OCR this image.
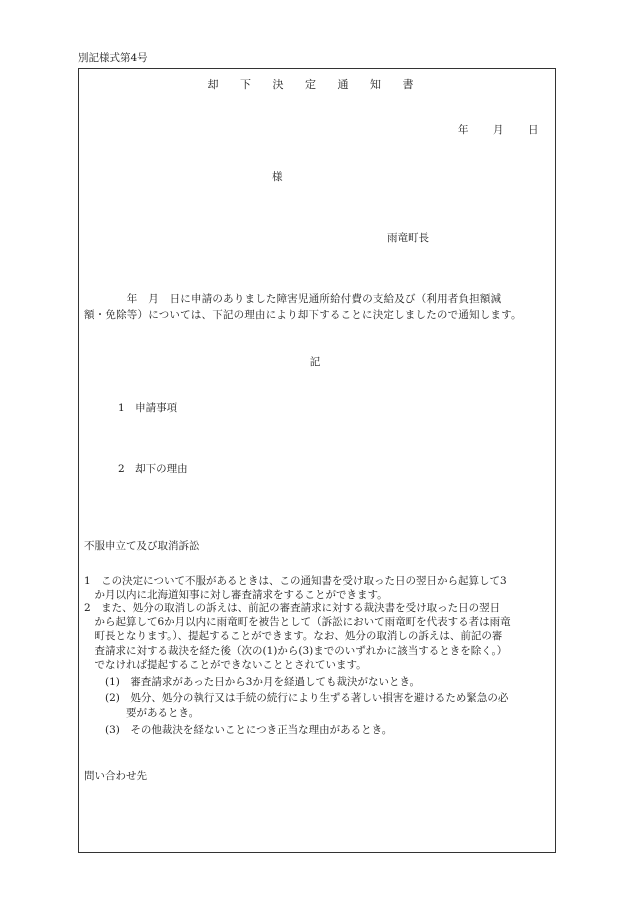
別記様式第4号
却 下 決 定 通 知 書
年 月 日
様
雨竜町長
　　　　年　月　日に申請のありました障害児通所給付費の支給及び（利用者負担額減
額・免除等）については、下記の理由により却下することに決定しましたので通知します。
記
1　申請事項
2　却下の理由
不服申立て及び取消訴訟
1　この決定について不服があるときは、この通知書を受け取った日の翌日から起算して3
　か月以内に北海道知事に対し審査請求をすることができます。
2　また、処分の取消しの訴えは、前記の審査請求に対する裁決書を受け取った日の翌日
　から起算して6か月以内に雨竜町を被告として（訴訟において雨竜町を代表する者は雨竜
　町長となります。）、提起することができます。なお、処分の取消しの訴えは、前記の審
　査請求に対する裁決を経た後（次の(1)から(3)までのいずれかに該当するときを除く。）
　でなければ提起することができないこととされています。
　　(1)　審査請求があった日から3か月を経過しても裁決がないとき。
　　(2)　処分、処分の執行又は手続の続行により生ずる著しい損害を避けるため緊急の必
　　　　要があるとき。
　　(3)　その他裁決を経ないことにつき正当な理由があるとき。
問い合わせ先
